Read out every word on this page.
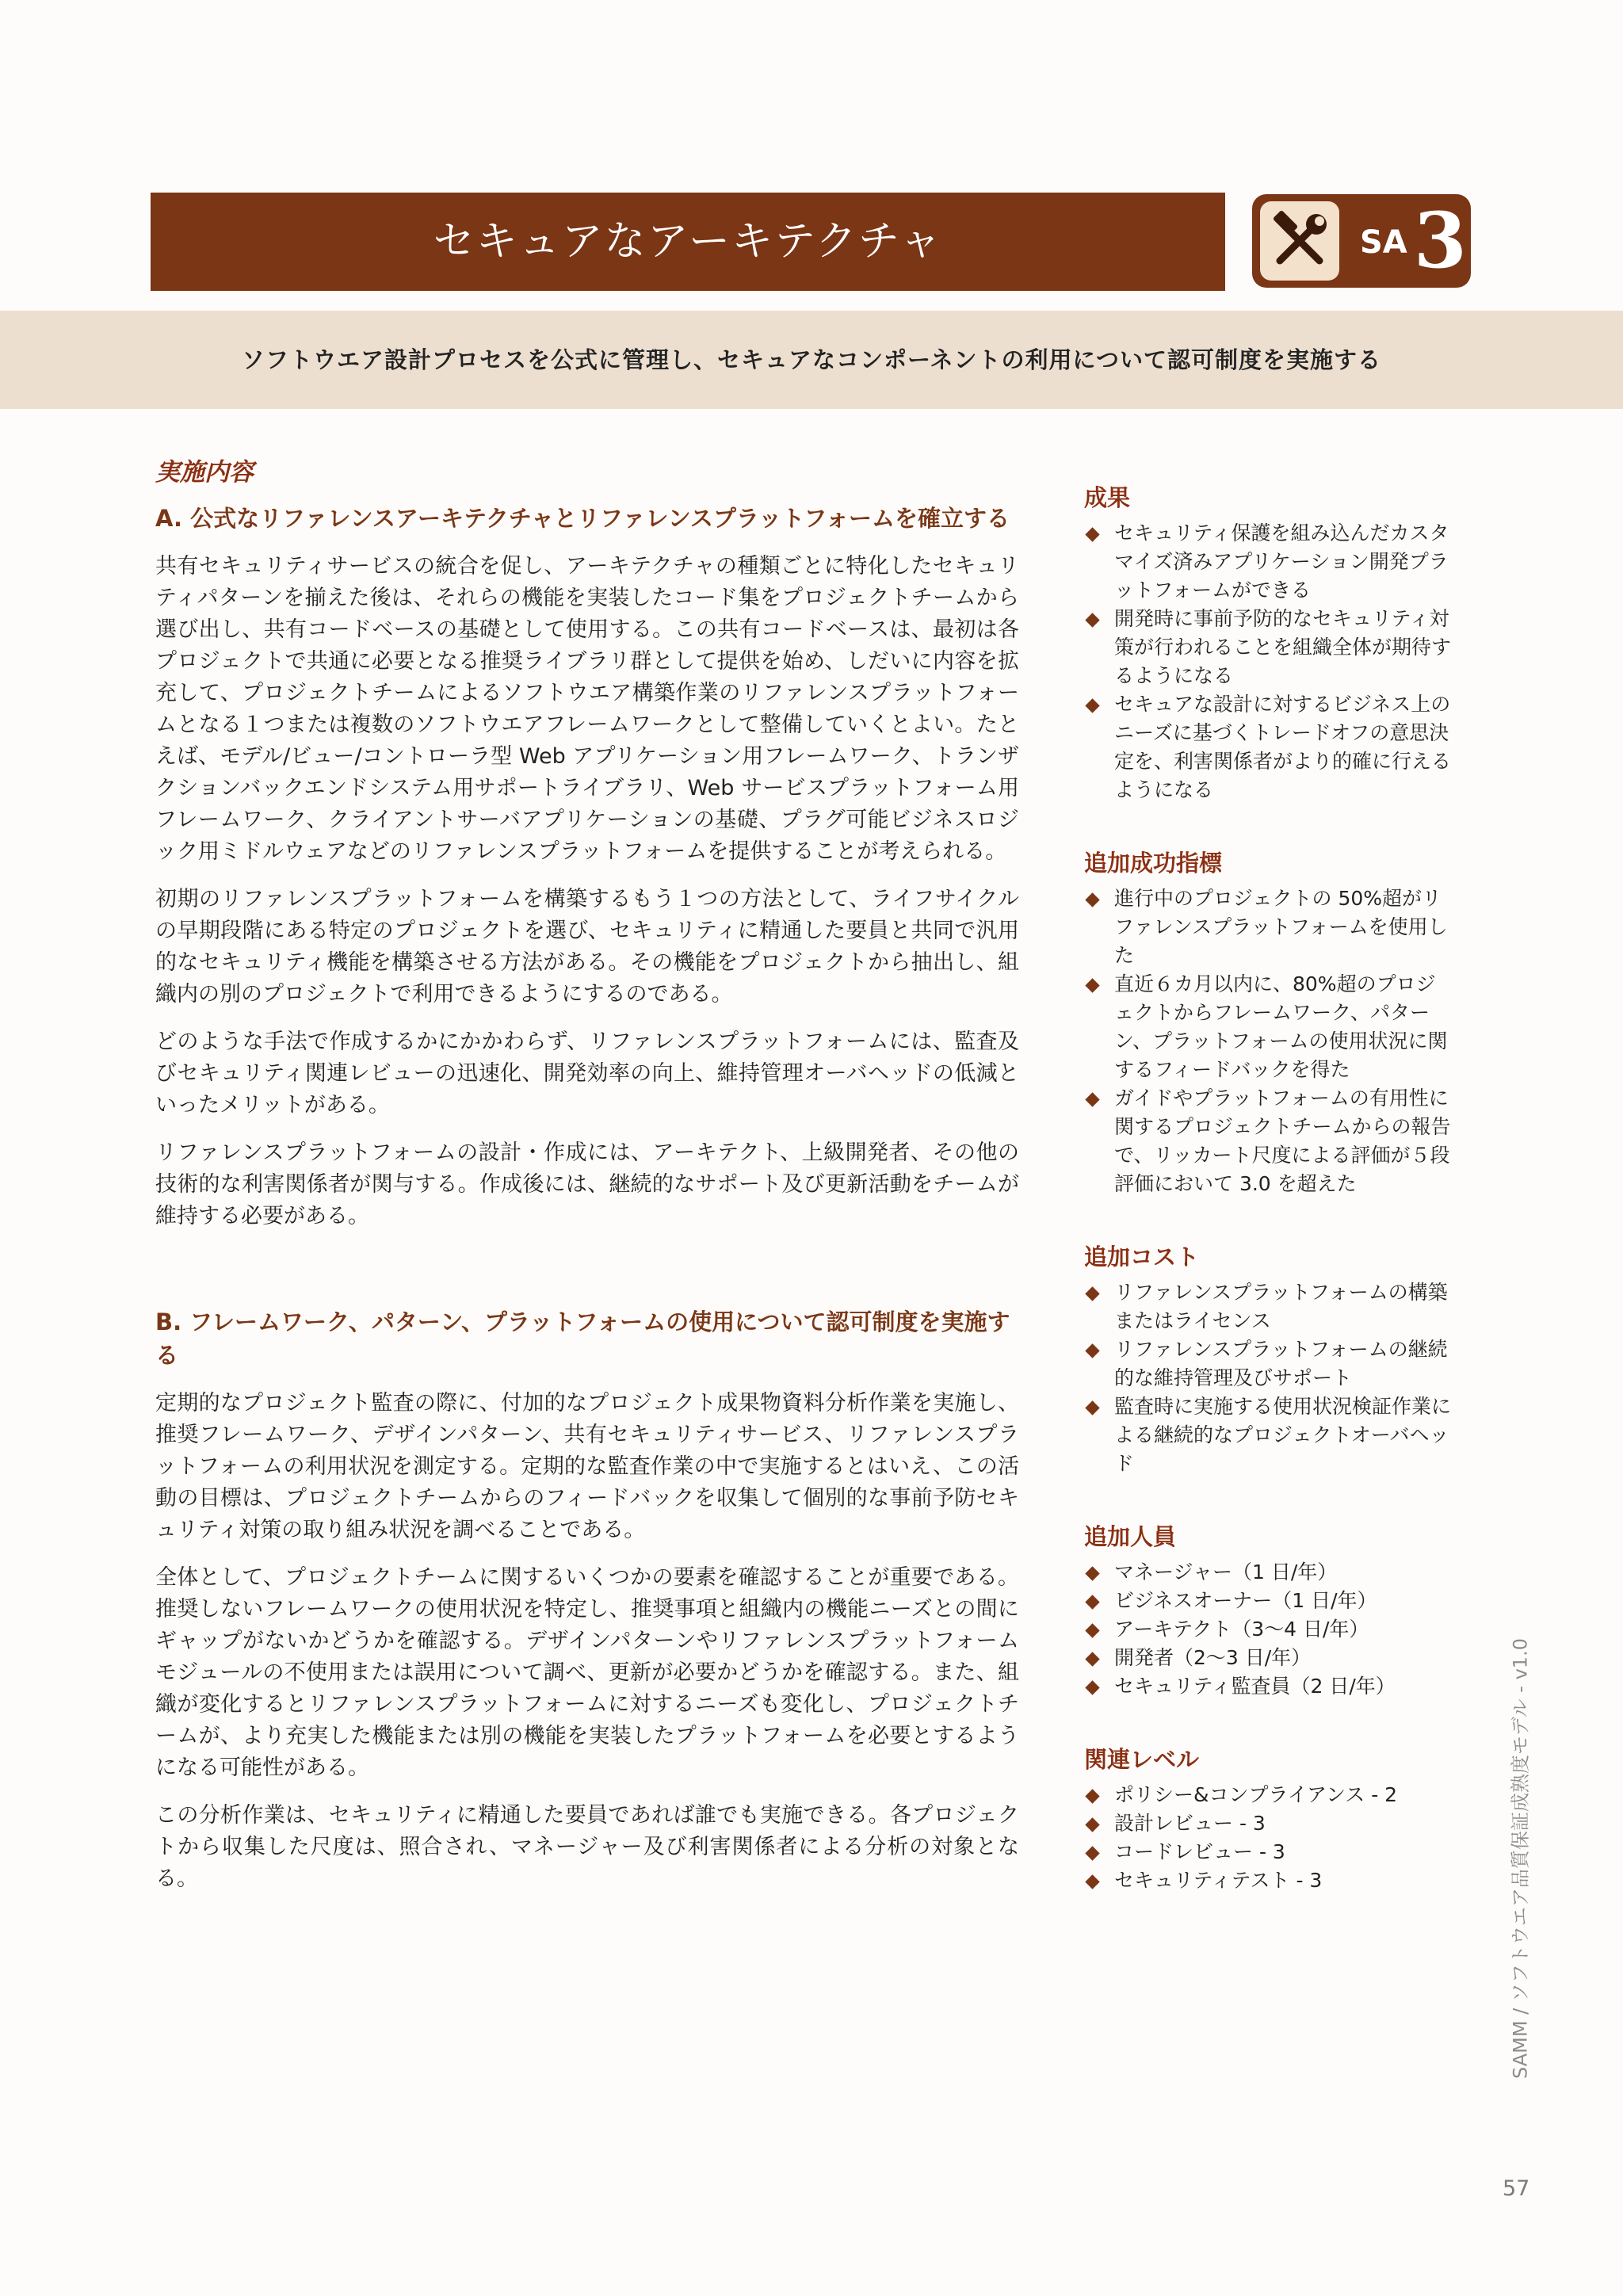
セキュアなアーキテクチャ	SA 3
ソフトウエア設計プロセスを公式に管理し、セキュアなコンポーネントの利用について認可制度を実施する
実施内容
A. 公式なリファレンスアーキテクチャとリファレンスプラットフォームを確立する

共有セキュリティサービスの統合を促し、アーキテクチャの種類ごとに特化したセキュリティパターンを揃えた後は、それらの機能を実装したコード集をプロジェクトチームから選び出し、共有コードベースの基礎として使用する。この共有コードベースは、最初は各プロジェクトで共通に必要となる推奨ライブラリ群として提供を始め、しだいに内容を拡充して、プロジェクトチームによるソフトウエア構築作業のリファレンスプラットフォームとなる１つまたは複数のソフトウエアフレームワークとして整備していくとよい。たとえば、モデル/ビュー/コントローラ型 Web アプリケーション用フレームワーク、トランザクションバックエンドシステム用サポートライブラリ、Web サービスプラットフォーム用フレームワーク、クライアントサーバアプリケーションの基礎、プラグ可能ビジネスロジック用ミドルウェアなどのリファレンスプラットフォームを提供することが考えられる。

初期のリファレンスプラットフォームを構築するもう１つの方法として、ライフサイクルの早期段階にある特定のプロジェクトを選び、セキュリティに精通した要員と共同で汎用的なセキュリティ機能を構築させる方法がある。その機能をプロジェクトから抽出し、組織内の別のプロジェクトで利用できるようにするのである。

どのような手法で作成するかにかかわらず、リファレンスプラットフォームには、監査及びセキュリティ関連レビューの迅速化、開発効率の向上、維持管理オーバヘッドの低減といったメリットがある。

リファレンスプラットフォームの設計・作成には、アーキテクト、上級開発者、その他の技術的な利害関係者が関与する。作成後には、継続的なサポート及び更新活動をチームが維持する必要がある。

B. フレームワーク、パターン、プラットフォームの使用について認可制度を実施する

定期的なプロジェクト監査の際に、付加的なプロジェクト成果物資料分析作業を実施し、推奨フレームワーク、デザインパターン、共有セキュリティサービス、リファレンスプラットフォームの利用状況を測定する。定期的な監査作業の中で実施するとはいえ、この活動の目標は、プロジェクトチームからのフィードバックを収集して個別的な事前予防セキュリティ対策の取り組み状況を調べることである。

全体として、プロジェクトチームに関するいくつかの要素を確認することが重要である。推奨しないフレームワークの使用状況を特定し、推奨事項と組織内の機能ニーズとの間にギャップがないかどうかを確認する。デザインパターンやリファレンスプラットフォームモジュールの不使用または誤用について調べ、更新が必要かどうかを確認する。また、組織が変化するとリファレンスプラットフォームに対するニーズも変化し、プロジェクトチームが、より充実した機能または別の機能を実装したプラットフォームを必要とするようになる可能性がある。

この分析作業は、セキュリティに精通した要員であれば誰でも実施できる。各プロジェクトから収集した尺度は、照合され、マネージャー及び利害関係者による分析の対象となる。

成果
セキュリティ保護を組み込んだカスタマイズ済みアプリケーション開発プラットフォームができる
開発時に事前予防的なセキュリティ対策が行われることを組織全体が期待するようになる
セキュアな設計に対するビジネス上のニーズに基づくトレードオフの意思決定を、利害関係者がより的確に行えるようになる
追加成功指標
進行中のプロジェクトの 50%超がリファレンスプラットフォームを使用した
直近６カ月以内に、80%超のプロジェクトからフレームワーク、パターン、プラットフォームの使用状況に関するフィードバックを得た
ガイドやプラットフォームの有用性に関するプロジェクトチームからの報告で、リッカート尺度による評価が５段評価において 3.0 を超えた
追加コスト
リファレンスプラットフォームの構築またはライセンス
リファレンスプラットフォームの継続的な維持管理及びサポート
監査時に実施する使用状況検証作業による継続的なプロジェクトオーバヘッド
追加人員
マネージャー（1 日/年）
ビジネスオーナー（1 日/年）
アーキテクト（3〜4 日/年）
開発者（2〜3 日/年）
セキュリティ監査員（2 日/年）
関連レベル
ポリシー&コンプライアンス - 2
設計レビュー - 3
コードレビュー - 3
セキュリティテスト - 3	SAMM / ソフトウエア品質保証成熟度モデル - v1.0
57
